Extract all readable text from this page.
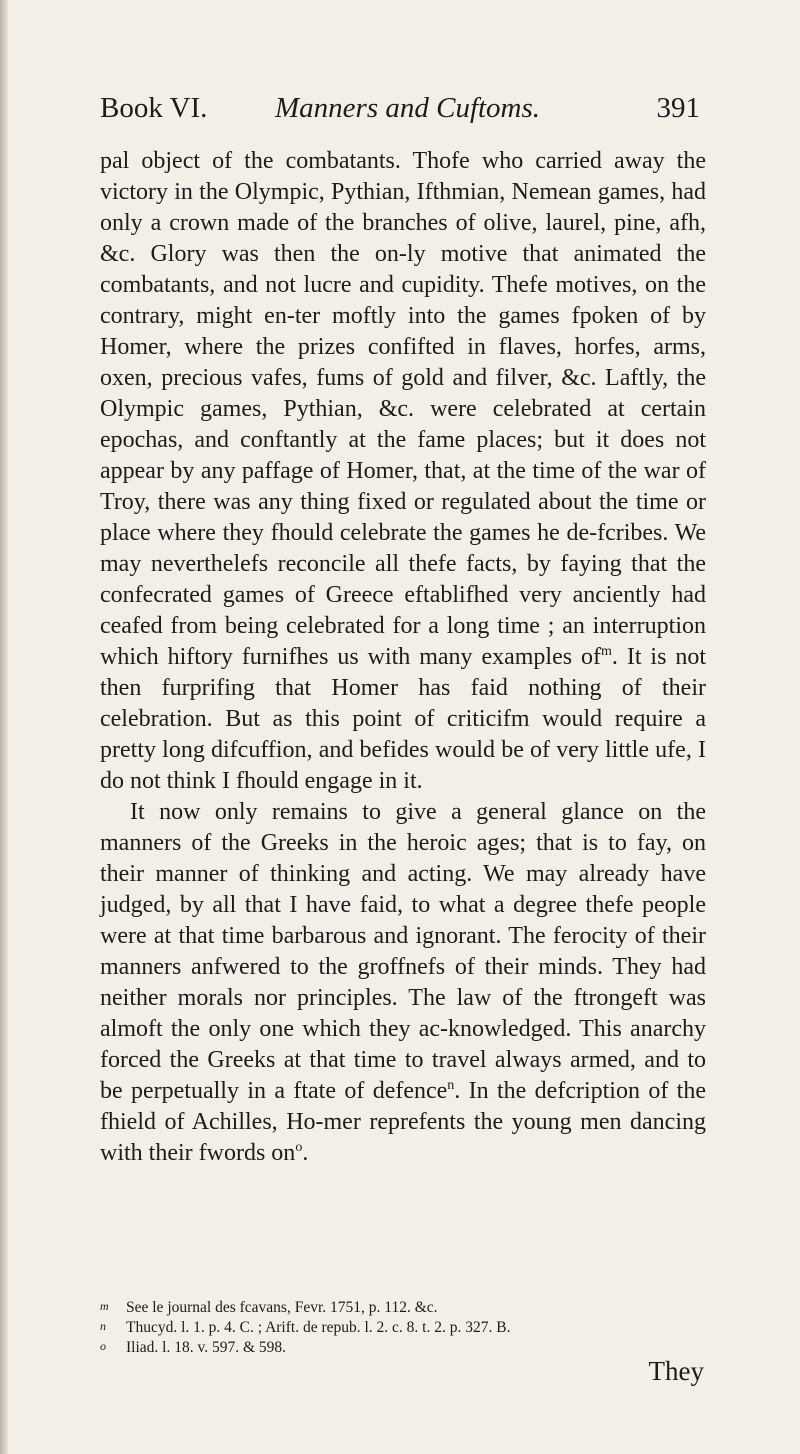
Book VI. Manners and Cuftoms.	391

pal object of the combatants. Thofe who carried away the victory in the Olympic, Pythian, Ifthmian, Nemean games, had only a crown made of the branches of olive, laurel, pine, afh, &c. Glory was then the on-ly motive that animated the combatants, and not lucre and cupidity. Thefe motives, on the contrary, might en-ter moftly into the games fpoken of by Homer, where the prizes confifted in flaves, horfes, arms, oxen, precious vafes, fums of gold and filver, &c. Laftly, the Olympic games, Pythian, &c. were celebrated at certain epochas, and conftantly at the fame places; but it does not appear by any paffage of Homer, that, at the time of the war of Troy, there was any thing fixed or regulated about the time or place where they fhould celebrate the games he de-fcribes. We may neverthelefs reconcile all thefe facts, by faying that the confecrated games of Greece eftablifhed very anciently had ceafed from being celebrated for a long time ; an interruption which hiftory furnifhes us with many examples $of^m$. It is not then furprifing that Homer has faid nothing of their celebration. But as this point of criticifm would require a pretty long difcuffion, and befides would be of very little ufe, I do not think I fhould engage in it.

It now only remains to give a general glance on the manners of the Greeks in the heroic ages; that is to fay, on their manner of thinking and acting. We may already have judged, by all that I have faid, to what a degree thefe people were at that time barbarous and ignorant. The ferocity of their manners anfwered to the groffnefs of their minds. They had neither morals nor principles. The law of the ftrongeft was almoft the only one which they ac-knowledged. This anarchy forced the Greeks at that time to travel always armed, and to be perpetually in a ftate of defence$^n$. In the defcription of the fhield of Achilles, Ho-mer reprefents the young men dancing with their fwords $on^o$.

m See le journal des fcavans, Fevr. 1751, p. 112. &c.
n Thucyd. l. 1. p. 4. C. ; Arift. de repub. l. 2. c. 8. t. 2. p. 327. B.
o Iliad. l. 18. v. 597. & 598.
They
